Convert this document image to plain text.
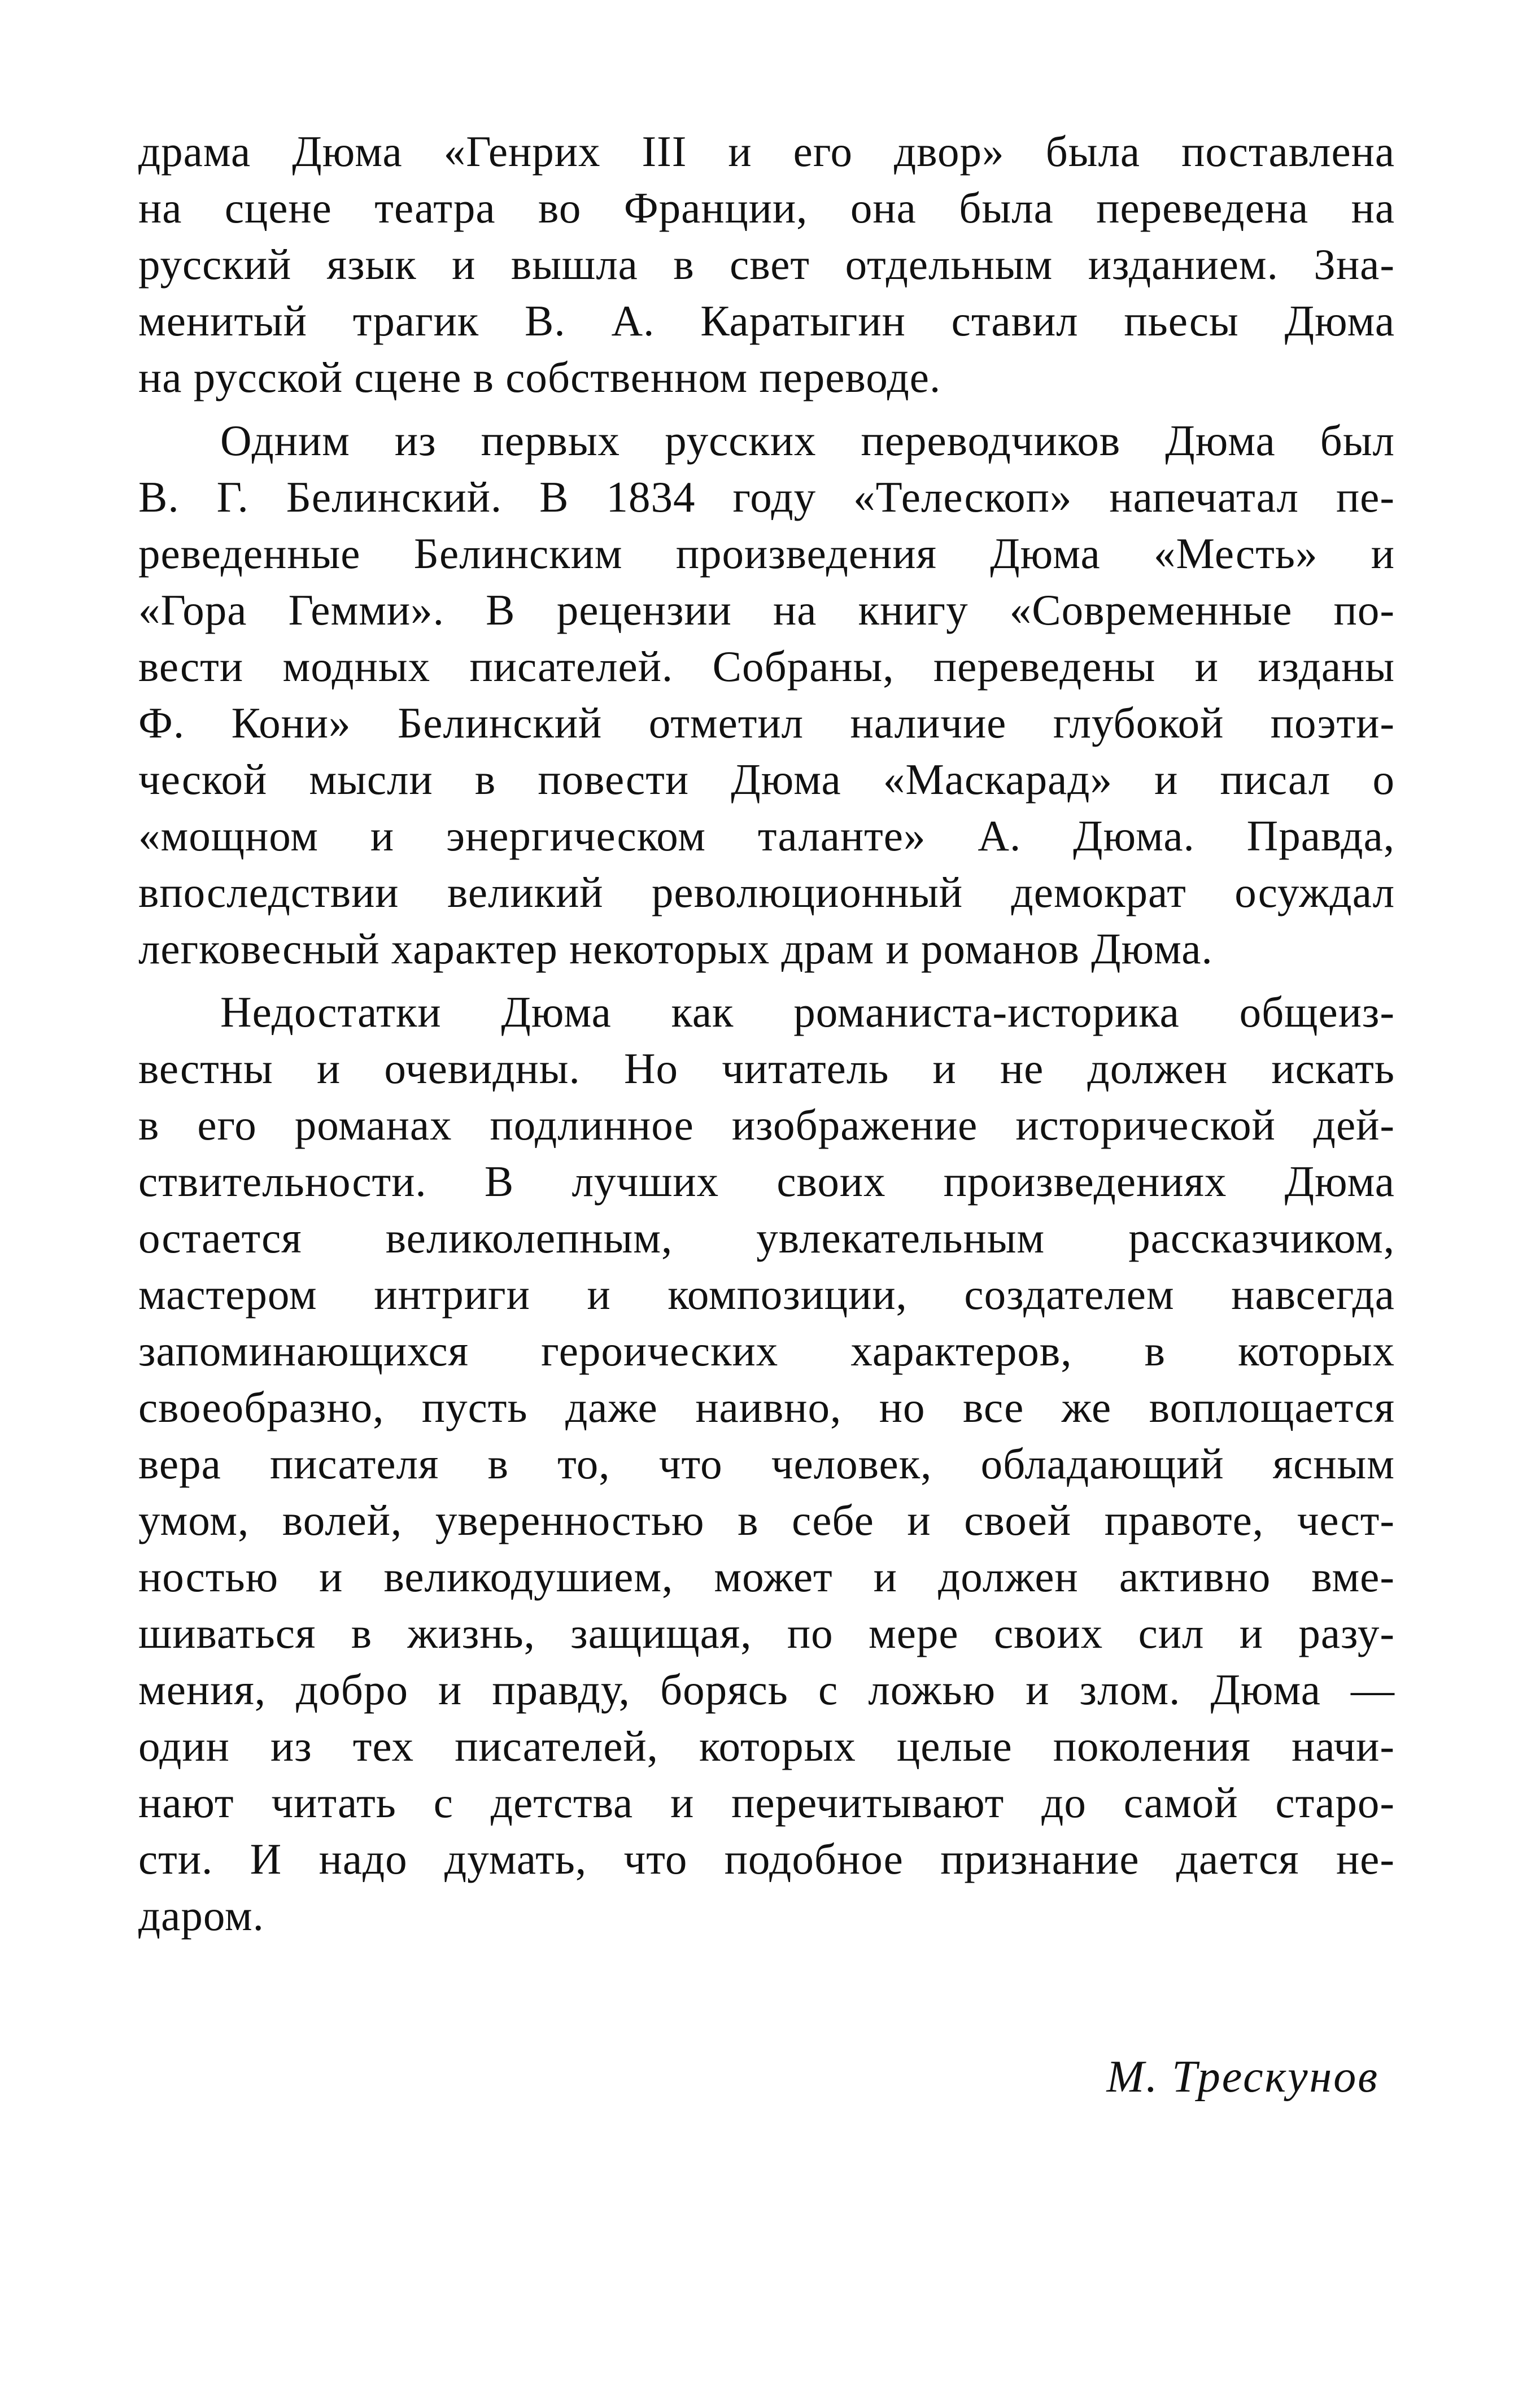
драма Дюма «Генрих III и его двор» была поставлена
на сцене театра во Франции, она была переведена на
русский язык и вышла в свет отдельным изданием. Зна-
менитый трагик В. А. Каратыгин ставил пьесы Дюма
на русской сцене в собственном переводе.
Одним из первых русских переводчиков Дюма был
В. Г. Белинский. В 1834 году «Телескоп» напечатал пе-
реведенные Белинским произведения Дюма «Месть» и
«Гора Гемми». В рецензии на книгу «Современные по-
вести модных писателей. Собраны, переведены и изданы
Ф. Кони» Белинский отметил наличие глубокой поэти-
ческой мысли в повести Дюма «Маскарад» и писал о
«мощном и энергическом таланте» А. Дюма. Правда,
впоследствии великий революционный демократ осуждал
легковесный характер некоторых драм и романов Дюма.
Недостатки Дюма как романиста-историка общеиз-
вестны и очевидны. Но читатель и не должен искать
в его романах подлинное изображение исторической дей-
ствительности. В лучших своих произведениях Дюма
остается великолепным, увлекательным рассказчиком,
мастером интриги и композиции, создателем навсегда
запоминающихся героических характеров, в которых
своеобразно, пусть даже наивно, но все же воплощается
вера писателя в то, что человек, обладающий ясным
умом, волей, уверенностью в себе и своей правоте, чест-
ностью и великодушием, может и должен активно вме-
шиваться в жизнь, защищая, по мере своих сил и разу-
мения, добро и правду, борясь с ложью и злом. Дюма —
один из тех писателей, которых целые поколения начи-
нают читать с детства и перечитывают до самой старо-
сти. И надо думать, что подобное признание дается не-
даром.
М. Трескунов
